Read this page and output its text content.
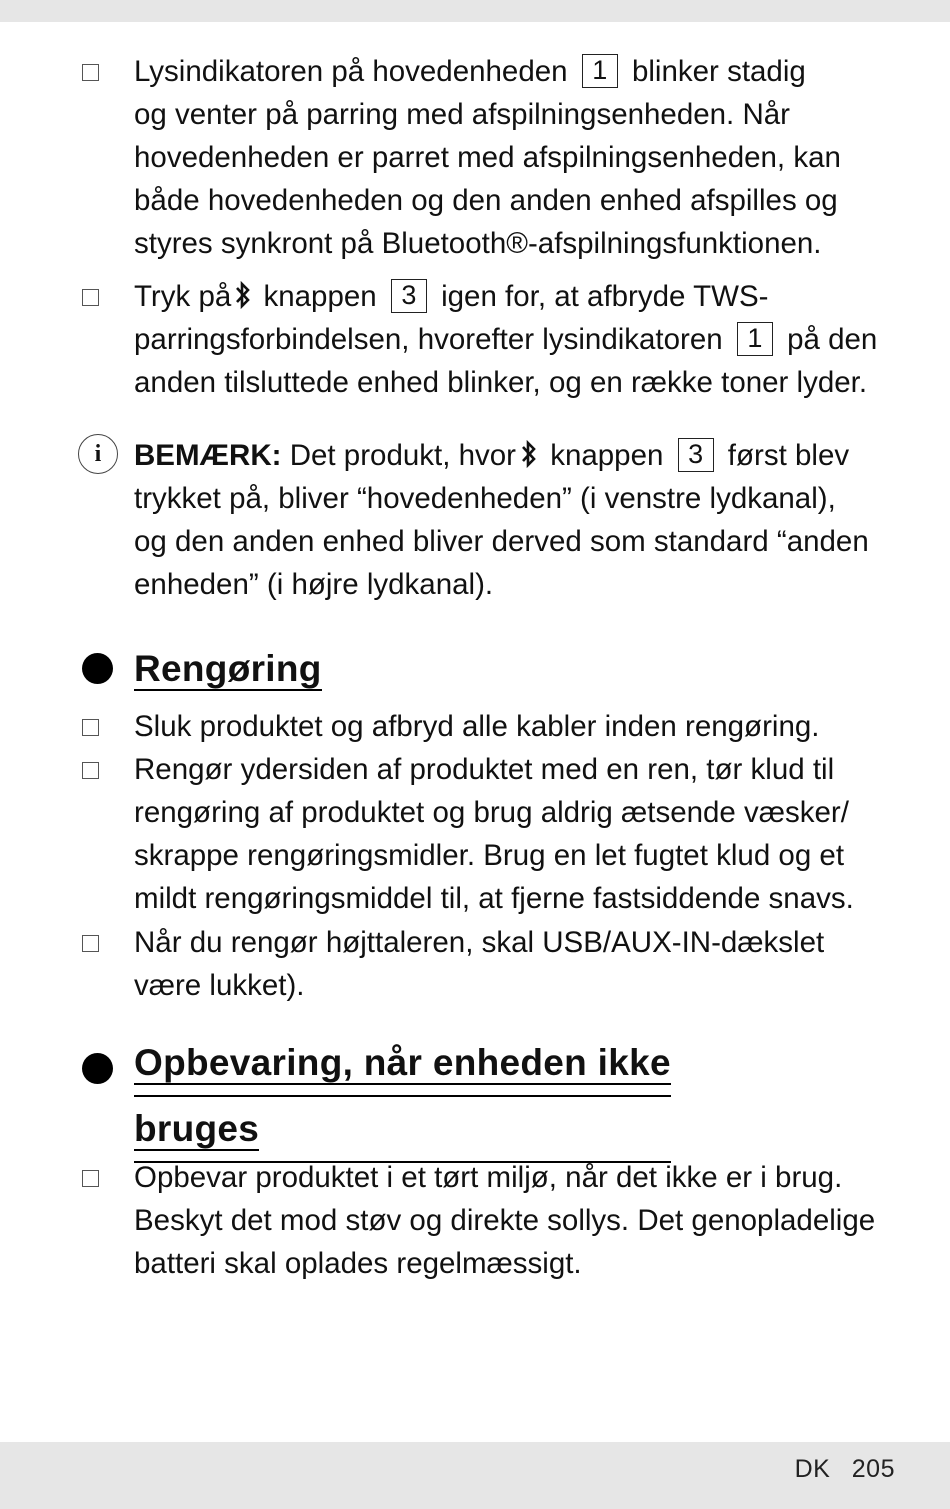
Lysindikatoren på hovedenheden 1 blinker stadig
og venter på parring med afspilningsenheden. Når
hovedenheden er parret med afspilningsenheden, kan
både hovedenheden og den anden enhed afspilles og
styres synkront på Bluetooth®-afspilningsfunktionen.
Tryk på knappen 3 igen for, at afbryde TWS-
parringsforbindelsen, hvorefter lysindikatoren 1 på den
anden tilsluttede enhed blinker, og en række toner lyder.
i	BEMÆRK: Det produkt, hvor knappen 3 først blev
trykket på, bliver “hovedenheden” (i venstre lydkanal),
og den anden enhed bliver derved som standard “anden
enheden” (i højre lydkanal).
Rengøring
Sluk produktet og afbryd alle kabler inden rengøring.
Rengør ydersiden af produktet med en ren, tør klud til
rengøring af produktet og brug aldrig ætsende væsker/
skrappe rengøringsmidler. Brug en let fugtet klud og et
mildt rengøringsmiddel til, at fjerne fastsiddende snavs.
Når du rengør højttaleren, skal USB/AUX-IN-dækslet
være lukket).
Opbevaring, når enheden ikke
bruges
Opbevar produktet i et tørt miljø, når det ikke er i brug.
Beskyt det mod støv og direkte sollys. Det genopladelige
batteri skal oplades regelmæssigt.
DK 205
